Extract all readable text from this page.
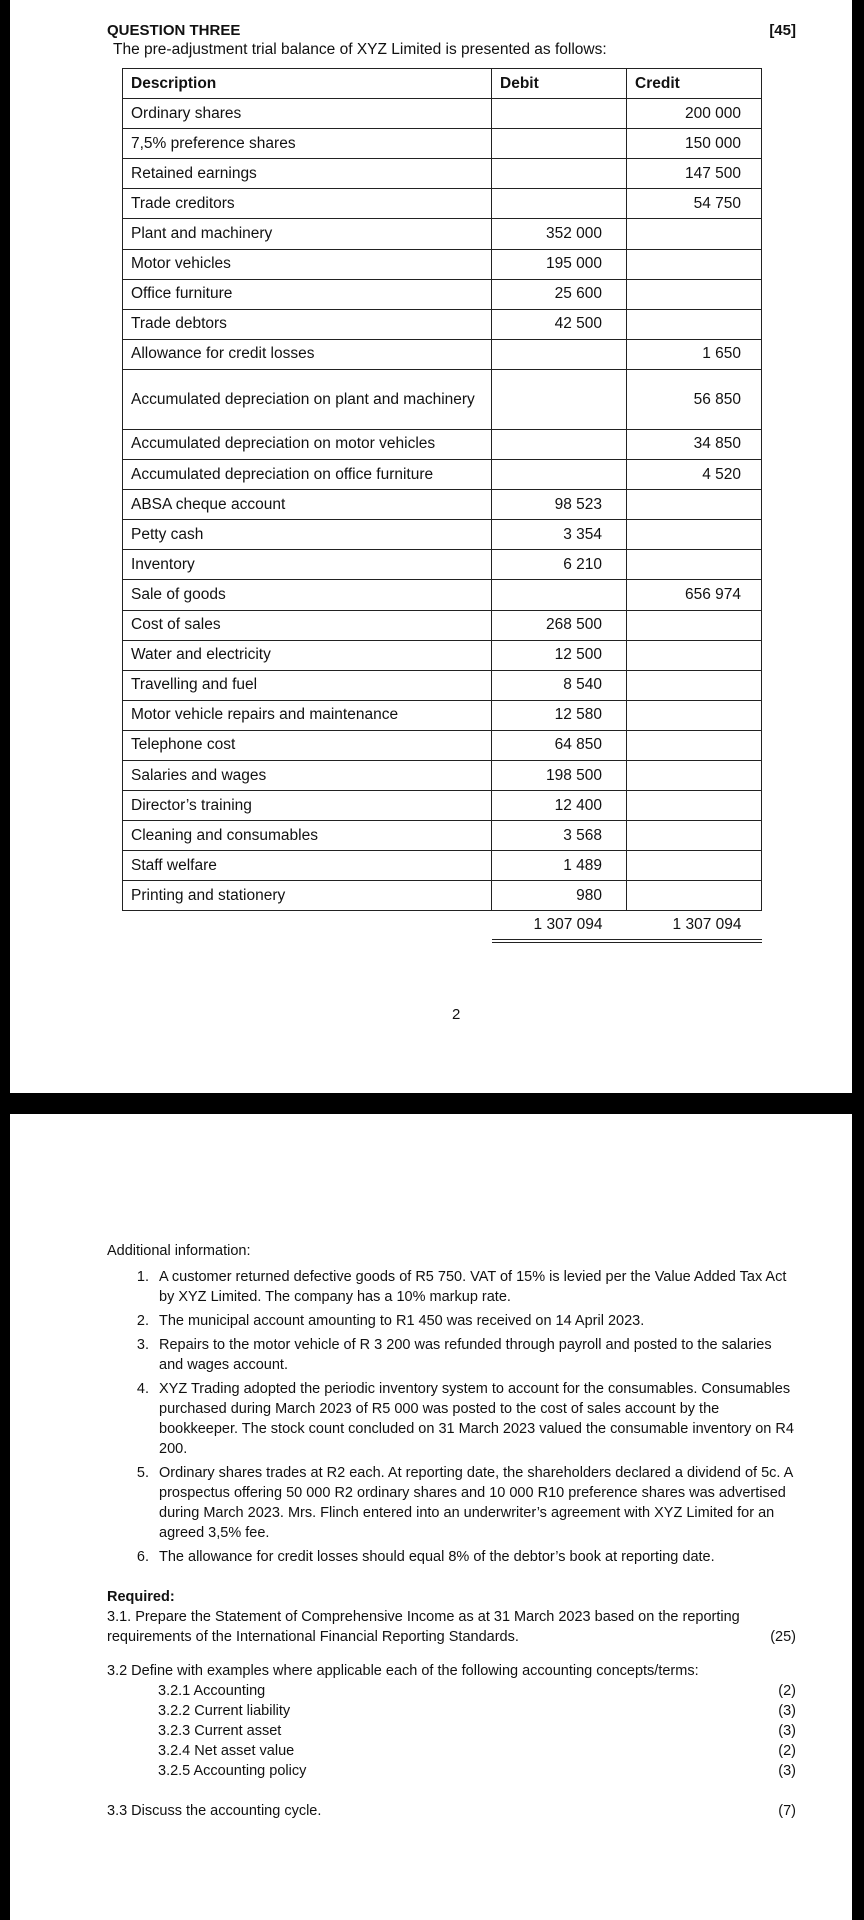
QUESTION THREE	[45]
The pre-adjustment trial balance of XYZ Limited is presented as follows:
Description	Debit	Credit
Ordinary shares		200 000
7,5% preference shares		150 000
Retained earnings		147 500
Trade creditors		54 750
Plant and machinery	352 000	
Motor vehicles	195 000	
Office furniture	25 600	
Trade debtors	42 500	
Allowance for credit losses		1 650
Accumulated depreciation on plant and machinery		56 850
Accumulated depreciation on motor vehicles		34 850
Accumulated depreciation on office furniture		4 520
ABSA cheque account	98 523	
Petty cash	3 354	
Inventory	6 210	
Sale of goods		656 974
Cost of sales	268 500	
Water and electricity	12 500	
Travelling and fuel	8 540	
Motor vehicle repairs and maintenance	12 580	
Telephone cost	64 850	
Salaries and wages	198 500	
Director’s training	12 400	
Cleaning and consumables	3 568	
Staff welfare	1 489	
Printing and stationery	980	
	1 307 094	1 307 094
2
Additional information:
1. A customer returned defective goods of R5 750. VAT of 15% is levied per the Value Added Tax Act by XYZ Limited. The company has a 10% markup rate.
2. The municipal account amounting to R1 450 was received on 14 April 2023.
3. Repairs to the motor vehicle of R 3 200 was refunded through payroll and posted to the salaries and wages account.
4. XYZ Trading adopted the periodic inventory system to account for the consumables. Consumables purchased during March 2023 of R5 000 was posted to the cost of sales account by the bookkeeper. The stock count concluded on 31 March 2023 valued the consumable inventory on R4 200.
5. Ordinary shares trades at R2 each. At reporting date, the shareholders declared a dividend of 5c. A prospectus offering 50 000 R2 ordinary shares and 10 000 R10 preference shares was advertised during March 2023. Mrs. Flinch entered into an underwriter’s agreement with XYZ Limited for an agreed 3,5% fee.
6. The allowance for credit losses should equal 8% of the debtor’s book at reporting date.
Required:
3.1. Prepare the Statement of Comprehensive Income as at 31 March 2023 based on the reporting requirements of the International Financial Reporting Standards.	(25)
3.2 Define with examples where applicable each of the following accounting concepts/terms:
3.2.1 Accounting	(2)
3.2.2 Current liability	(3)
3.2.3 Current asset	(3)
3.2.4 Net asset value	(2)
3.2.5 Accounting policy	(3)
3.3 Discuss the accounting cycle.	(7)
